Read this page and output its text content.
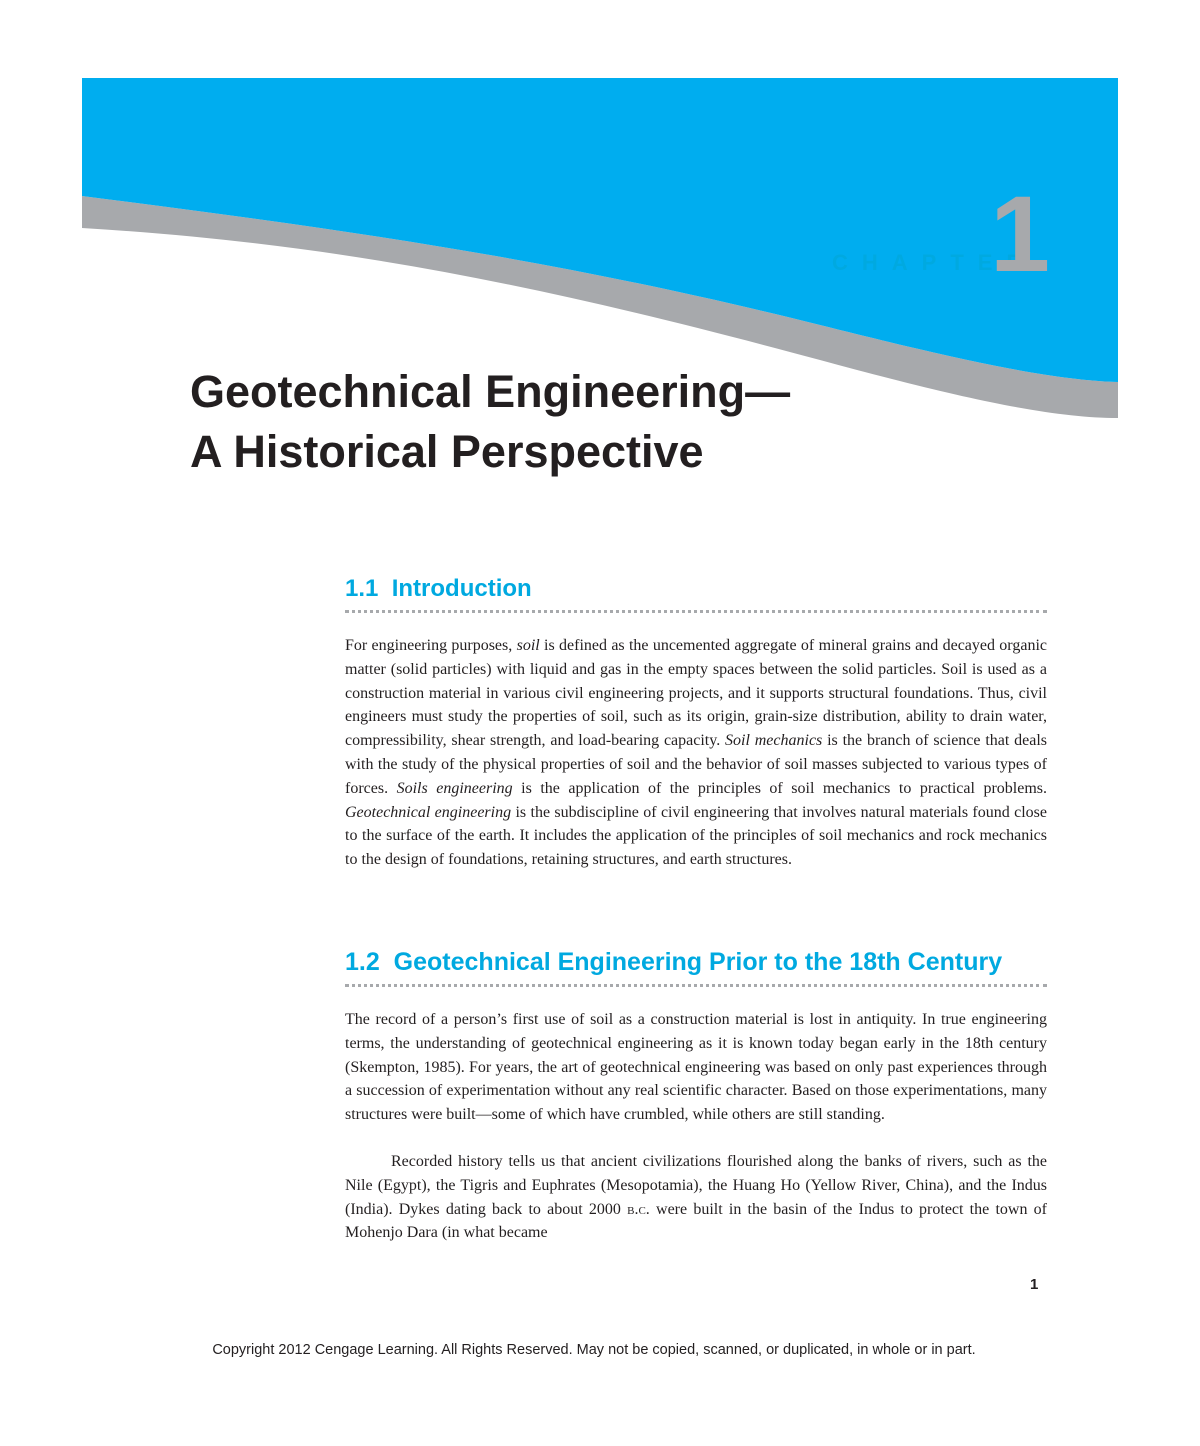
CHAPTER
1
Geotechnical Engineering—
A Historical Perspective
1.1 Introduction

For engineering purposes, soil is defined as the uncemented aggregate of mineral grains and decayed organic matter (solid particles) with liquid and gas in the empty spaces between the solid particles. Soil is used as a construction material in various civil engineering projects, and it supports structural foundations. Thus, civil engineers must study the properties of soil, such as its origin, grain-size distribution, ability to drain water, compressibility, shear strength, and load-bearing capacity. Soil mechanics is the branch of science that deals with the study of the physical properties of soil and the behavior of soil masses subjected to various types of forces. Soils engineering is the application of the principles of soil mechanics to practical problems. Geotechnical engineering is the subdiscipline of civil engineering that involves natural materials found close to the surface of the earth. It includes the application of the principles of soil mechanics and rock mechanics to the design of foundations, retaining structures, and earth structures.

1.2 Geotechnical Engineering Prior to the 18th Century

The record of a person’s first use of soil as a construction material is lost in antiquity. In true engineering terms, the understanding of geotechnical engineering as it is known today began early in the 18th century (Skempton, 1985). For years, the art of geotechnical engineering was based on only past experiences through a succession of experimentation without any real scientific character. Based on those experimentations, many structures were built—some of which have crumbled, while others are still standing.

Recorded history tells us that ancient civilizations flourished along the banks of rivers, such as the Nile (Egypt), the Tigris and Euphrates (Mesopotamia), the Huang Ho (Yellow River, China), and the Indus (India). Dykes dating back to about 2000 b.c. were built in the basin of the Indus to protect the town of Mohenjo Dara (in what became

1
Copyright 2012 Cengage Learning. All Rights Reserved. May not be copied, scanned, or duplicated, in whole or in part.
